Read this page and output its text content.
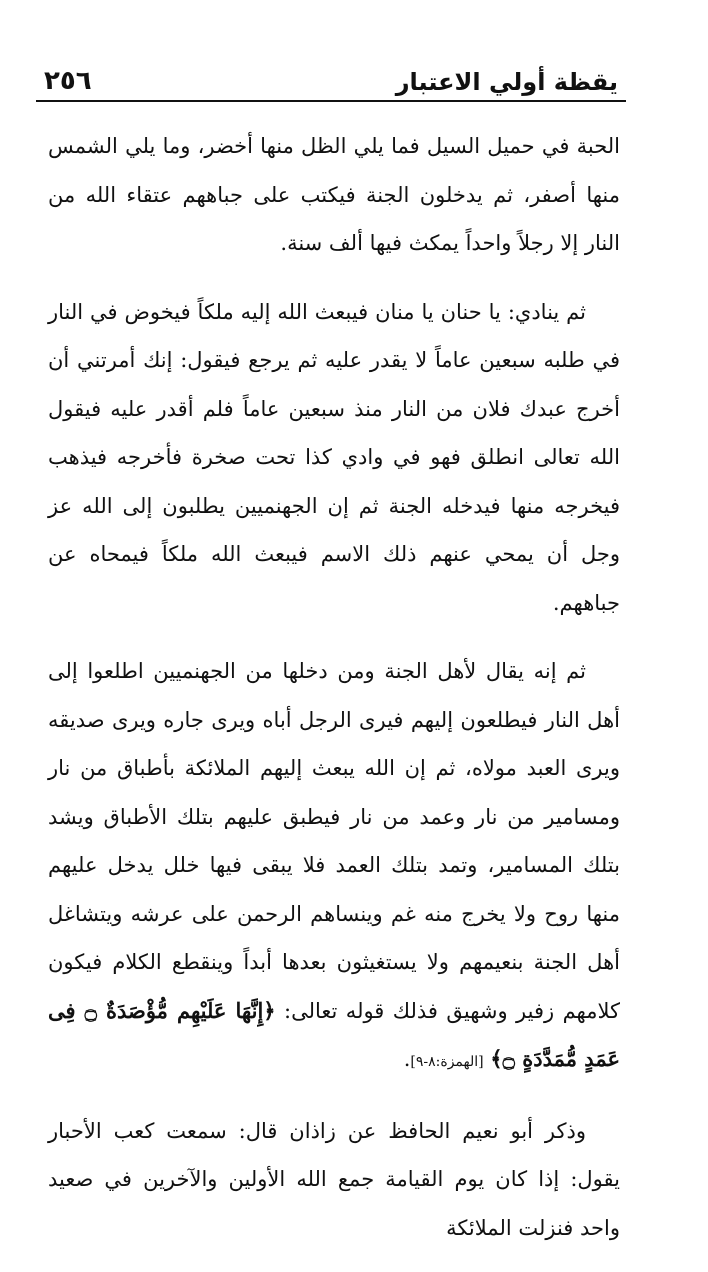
يقظة أولي الاعتبار
٢٥٦

الحبة في حميل السيل فما يلي الظل منها أخضر، وما يلي الشمس منها أصفر، ثم يدخلون الجنة فيكتب على جباههم عتقاء الله من النار إلا رجلاً واحداً يمكث فيها ألف سنة.

ثم ينادي: يا حنان يا منان فيبعث الله إليه ملكاً فيخوض في النار في طلبه سبعين عاماً لا يقدر عليه ثم يرجع فيقول: إنك أمرتني أن أخرج عبدك فلان من النار منذ سبعين عاماً فلم أقدر عليه فيقول الله تعالى انطلق فهو في وادي كذا تحت صخرة فأخرجه فيذهب فيخرجه منها فيدخله الجنة ثم إن الجهنميين يطلبون إلى الله عز وجل أن يمحي عنهم ذلك الاسم فيبعث الله ملكاً فيمحاه عن جباههم.

ثم إنه يقال لأهل الجنة ومن دخلها من الجهنميين اطلعوا إلى أهل النار فيطلعون إليهم فيرى الرجل أباه ويرى جاره ويرى صديقه ويرى العبد مولاه، ثم إن الله يبعث إليهم الملائكة بأطباق من نار ومسامير من نار وعمد من نار فيطبق عليهم بتلك الأطباق ويشد بتلك المسامير، وتمد بتلك العمد فلا يبقى فيها خلل يدخل عليهم منها روح ولا يخرج منه غم وينساهم الرحمن على عرشه ويتشاغل أهل الجنة بنعيمهم ولا يستغيثون بعدها أبداً وينقطع الكلام فيكون كلامهم زفير وشهيق فذلك قوله تعالى: ﴿إِنَّهَا عَلَيْهِم مُّؤْصَدَةٌ ۝ فِى عَمَدٍ مُّمَدَّدَةٍ ۝﴾ [الهمزة:٨-٩].

وذكر أبو نعيم الحافظ عن زاذان قال: سمعت كعب الأحبار يقول: إذا كان يوم القيامة جمع الله الأولين والآخرين في صعيد واحد فنزلت الملائكة
